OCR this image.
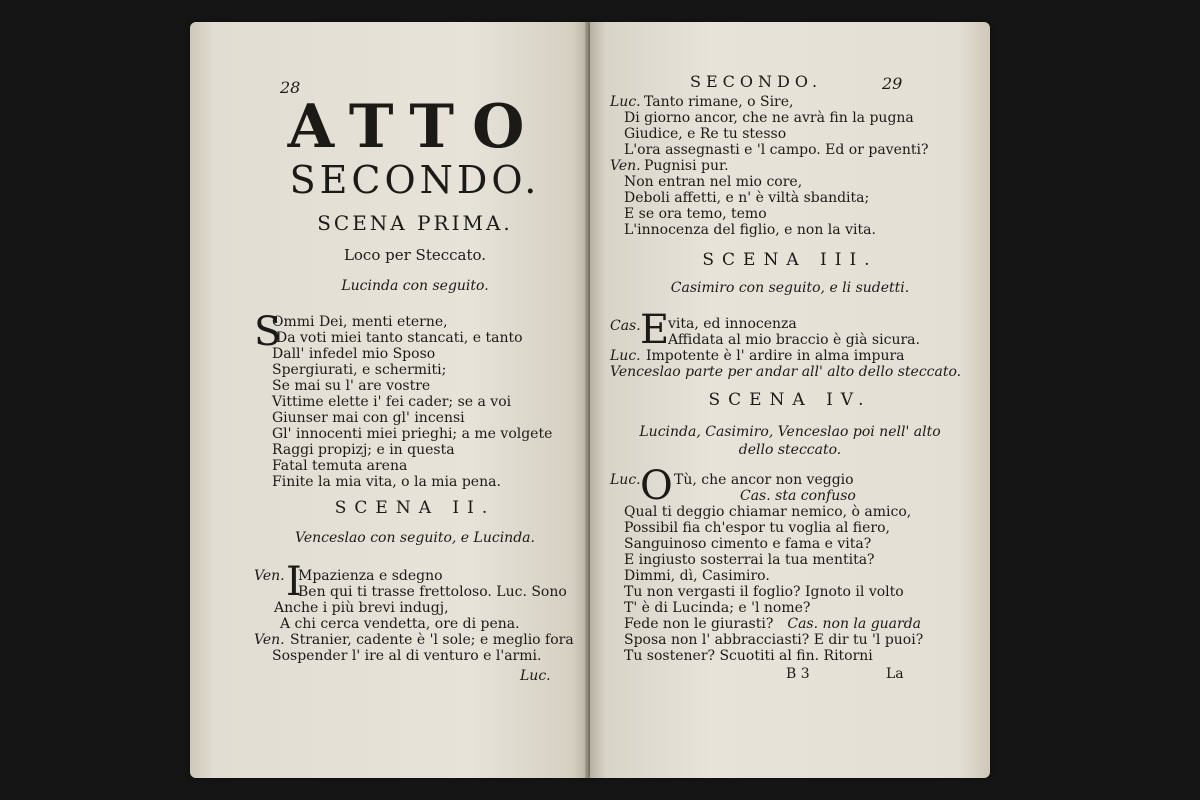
28
ATTO
SECONDO.
SCENA PRIMA.
Loco per Steccato.
Lucinda con seguito.
S
Ommi Dei, menti eterne,
Da voti miei tanto stancati, e tanto
Dall' infedel mio Sposo
Spergiurati, e schermiti;
Se mai su l' are vostre
Vittime elette i' fei cader; se a voi
Giunser mai con gl' incensi
Gl' innocenti miei prieghi; a me volgete
Raggi propizj; e in questa
Fatal temuta arena
Finite la mia vita, o la mia pena.
SCENA II.
Venceslao con seguito, e Lucinda.
Ven. I
Mpazienza e sdegno
Ben qui ti trasse frettoloso. Luc. Sono
Anche i più brevi indugj,
A chi cerca vendetta, ore di pena.
Ven. Stranier, cadente è 'l sole; e meglio fora
Sospender l' ire al di venturo e l'armi.
Luc.
SECONDO.	29
Luc. Tanto rimane, o Sire,
Di giorno ancor, che ne avrà fin la pugna
Giudice, e Re tu stesso
L'ora assegnasti e 'l campo. Ed or paventi?
Ven. Pugnisi pur.
Non entran nel mio core,
Deboli affetti, e n' è viltà sbandita;
E se ora temo, temo
L'innocenza del figlio, e non la vita.
SCENA III.
Casimiro con seguito, e li sudetti.
Cas. E
vita, ed innocenza
Affidata al mio braccio è già sicura.
Luc. Impotente è l' ardire in alma impura
Venceslao parte per andar all' alto dello steccato.
SCENA IV.
Lucinda, Casimiro, Venceslao poi nell' alto
dello steccato.
Luc. O Tù, che ancor non veggio
Cas. sta confuso
Qual ti deggio chiamar nemico, ò amico,
Possibil fia ch'espor tu voglia al fiero,
Sanguinoso cimento e fama e vita?
E ingiusto sosterrai la tua mentita?
Dimmi, dì, Casimiro.
Tu non vergasti il foglio? Ignoto il volto
T' è di Lucinda; e 'l nome?
Fede non le giurasti? Cas. non la guarda
Sposa non l' abbracciasti? E dir tu 'l puoi?
Tu sostener? Scuotiti al fin. Ritorni
B 3	La
